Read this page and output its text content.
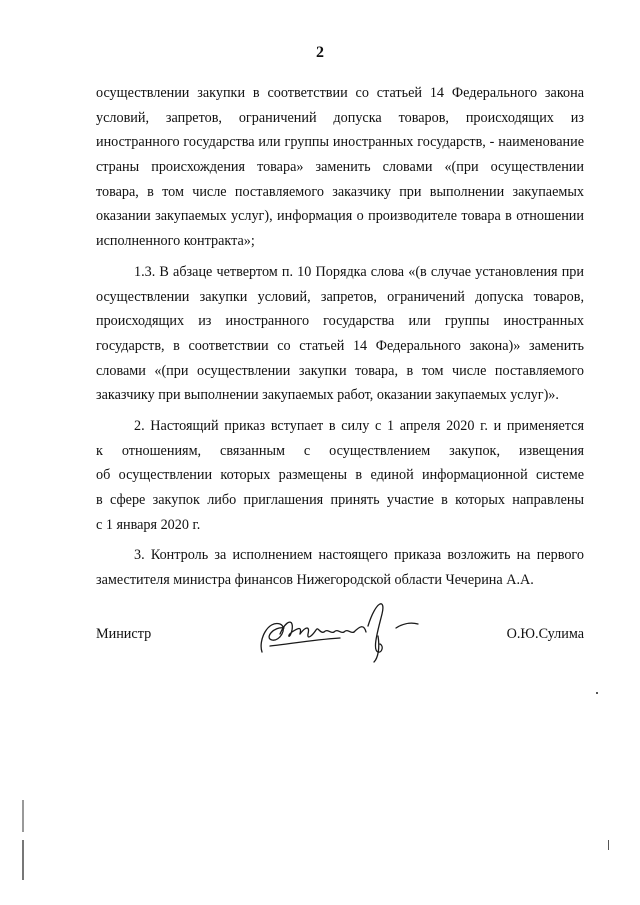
2
осуществлении закупки в соответствии со статьей 14 Федерального закона
условий, запретов, ограничений допуска товаров, происходящих из
иностранного государства или группы иностранных государств, - наименование
страны происхождения товара» заменить словами «(при осуществлении
товара, в том числе поставляемого заказчику при выполнении закупаемых
оказании закупаемых услуг), информация о производителе товара в отношении
исполненного контракта»;
1.3. В абзаце четвертом п. 10 Порядка слова «(в случае установления при
осуществлении закупки условий, запретов, ограничений допуска товаров,
происходящих из иностранного государства или группы иностранных
государств, в соответствии со статьей 14 Федерального закона)» заменить
словами «(при осуществлении закупки товара, в том числе поставляемого
заказчику при выполнении закупаемых работ, оказании закупаемых услуг)».
2. Настоящий приказ вступает в силу с 1 апреля 2020 г. и применяется
к отношениям, связанным с осуществлением закупок, извещения
об осуществлении которых размещены в единой информационной системе
в сфере закупок либо приглашения принять участие в которых направлены
с 1 января 2020 г.
3. Контроль за исполнением настоящего приказа возложить на первого
заместителя министра финансов Нижегородской области Чечерина А.А.
Министр	О.Ю.Сулима
